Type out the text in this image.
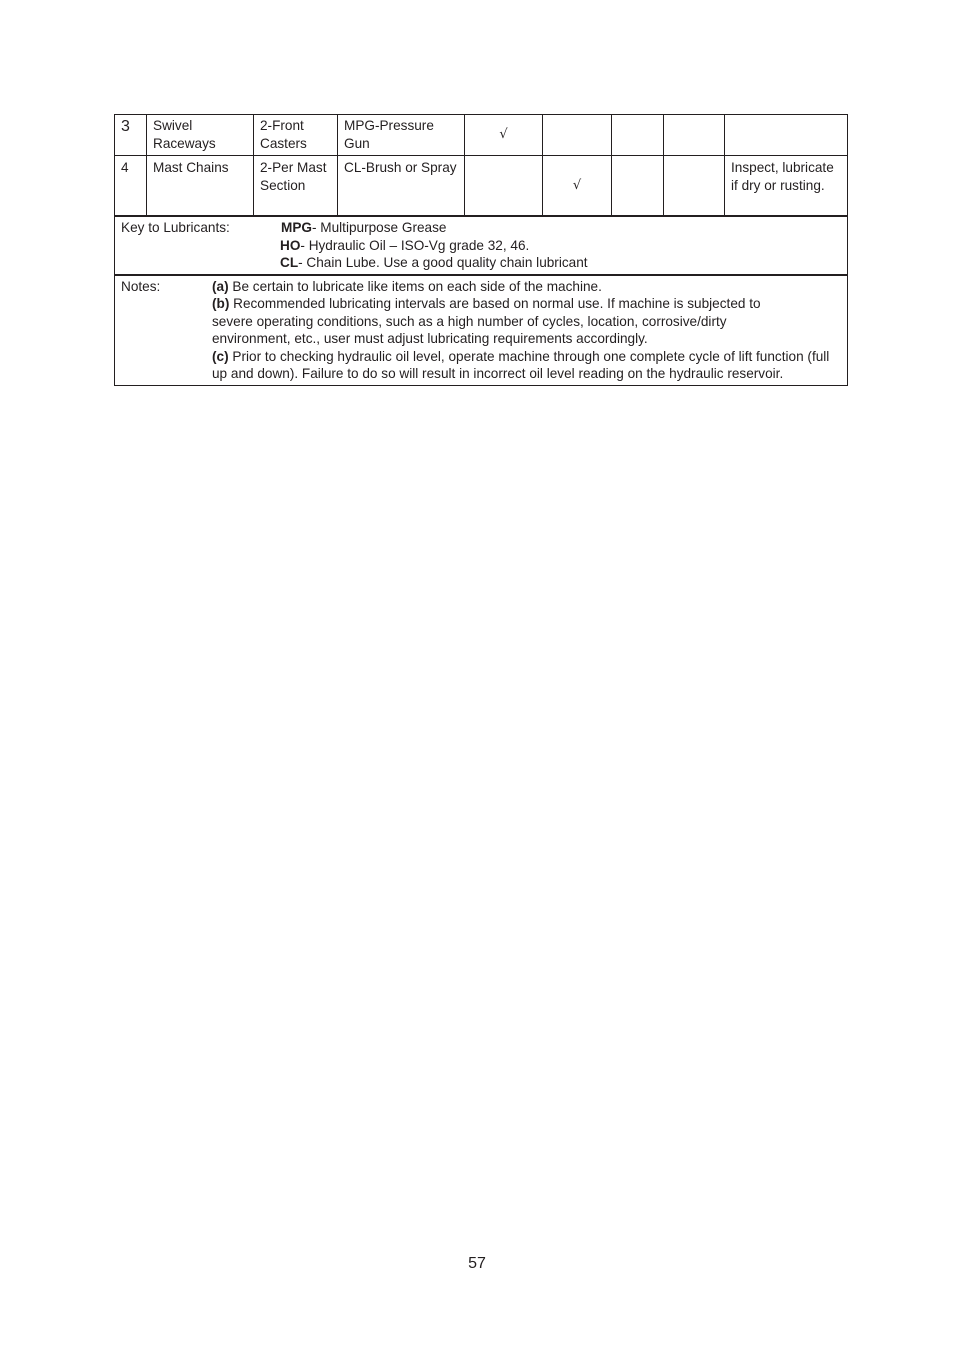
3	Swivel Raceways	2-Front Casters	MPG-Pressure Gun	√				
4	Mast Chains	2-Per Mast Section	CL-Brush or Spray		√			Inspect, lubricate if dry or rusting.

Key to Lubricants: MPG- Multipurpose Grease
HO- Hydraulic Oil – ISO-Vg grade 32, 46.
CL- Chain Lube. Use a good quality chain lubricant								

Notes: (a) Be certain to lubricate like items on each side of the machine.
(b) Recommended lubricating intervals are based on normal use. If machine is subjected to severe operating conditions, such as a high number of cycles, location, corrosive/dirty environment, etc., user must adjust lubricating requirements accordingly.
(c) Prior to checking hydraulic oil level, operate machine through one complete cycle of lift function (full up and down). Failure to do so will result in incorrect oil level reading on the hydraulic reservoir.								
57
